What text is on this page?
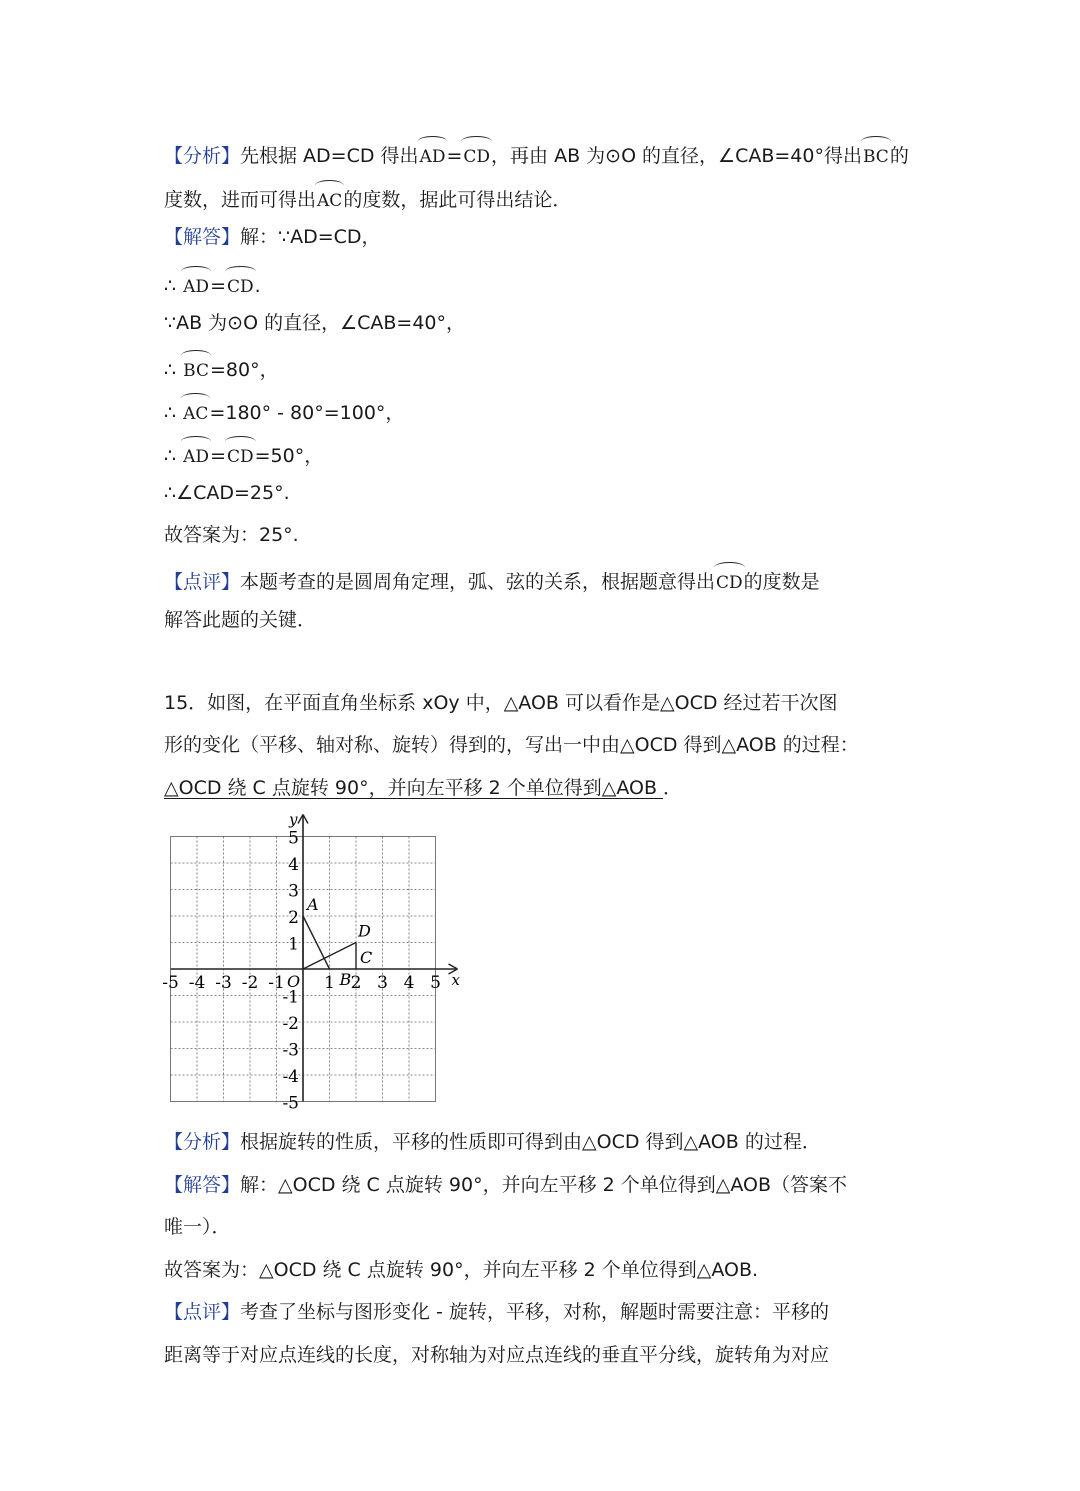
【分析】先根据 AD=CD 得出AD=CD，再由 AB 为⊙O 的直径，∠CAB=40°得出BC的
度数，进而可得出AC的度数，据此可得出结论．
【解答】解：∵AD=CD，
∴ AD=CD.
∵AB 为⊙O 的直径，∠CAB=40°，
∴ BC=80°，
∴ AC=180° - 80°=100°，
∴ AD=CD=50°，
∴∠CAD=25°.
故答案为：25°.
【点评】本题考查的是圆周角定理，弧、弦的关系，根据题意得出CD的度数是
解答此题的关键．
15．如图，在平面直角坐标系 xOy 中，△AOB 可以看作是△OCD 经过若干次图
形的变化（平移、轴对称、旋转）得到的，写出一中由△OCD 得到△AOB 的过程：
△OCD 绕 C 点旋转 90°，并向左平移 2 个单位得到△AOB ．
x
y
O
-5 -4 -3 -2 -1 1 2 3 4 5
5
4
3
2
1
-1
-2
-3
-4
-5
A
B
C
D
【分析】根据旋转的性质，平移的性质即可得到由△OCD 得到△AOB 的过程．
【解答】解：△OCD 绕 C 点旋转 90°，并向左平移 2 个单位得到△AOB（答案不
唯一）．
故答案为：△OCD 绕 C 点旋转 90°，并向左平移 2 个单位得到△AOB.
【点评】考查了坐标与图形变化 - 旋转，平移，对称，解题时需要注意：平移的
距离等于对应点连线的长度，对称轴为对应点连线的垂直平分线，旋转角为对应
